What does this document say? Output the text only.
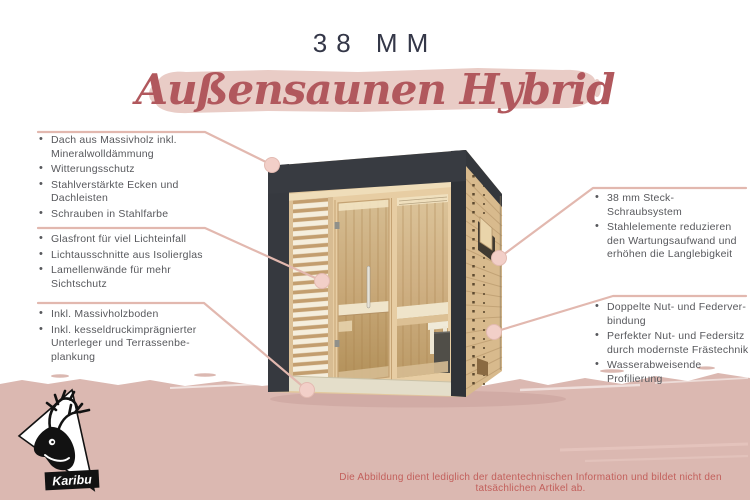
38 MM
Außensaunen Hybrid
• Dach aus Massivholz inkl. Mineralwolldämmung
• Witterungsschutz
• Stahlverstärkte Ecken und Dachleisten
• Schrauben in Stahlfarbe
• Glasfront für viel Lichteinfall
• Lichtausschnitte aus Isolierglas
• Lamellenwände für mehr Sichtschutz
• Inkl. Massivholzboden
• Inkl. kesseldruckimprägnierter Unterleger und Terrassenbe-plankung
• 38 mm Steck-Schraubsystem
• Stahlelemente reduzieren den Wartungsaufwand und erhöhen die Langlebigkeit
• Doppelte Nut- und Federver-bindung
• Perfekter Nut- und Federsitz durch modernste Frästechnik
• Wasserabweisende Profilierung
Karibu	Die Abbildung dient lediglich der datentechnischen Information und bildet nicht den tatsächlichen Artikel ab.
